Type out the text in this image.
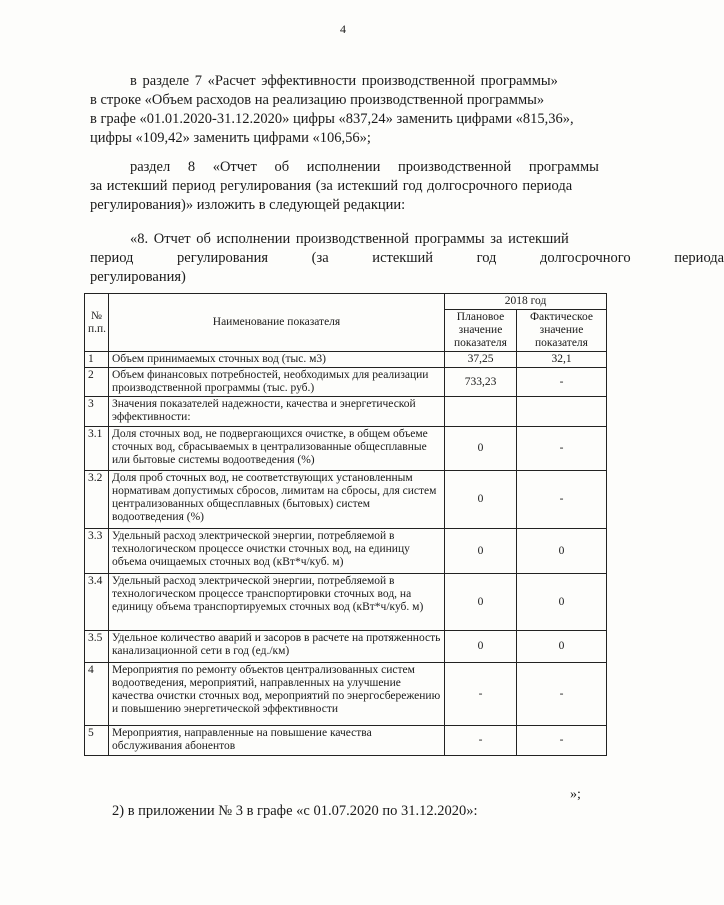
4
в разделе 7 «Расчет эффективности производственной программы»
в строке «Объем расходов на реализацию производственной программы»
в графе «01.01.2020-31.12.2020» цифры «837,24» заменить цифрами «815,36»,
цифры «109,42» заменить цифрами «106,56»;
раздел 8 «Отчет об исполнении производственной программы
за истекший период регулирования (за истекший год долгосрочного периода
регулирования)» изложить в следующей редакции:
«8. Отчет об исполнении производственной программы за истекший
период регулирования (за истекший год долгосрочного периода
регулирования)
№ п.п.	Наименование показателя	2018 год	
		Плановое значение показателя	Фактическое значение показателя
1	Объем принимаемых сточных вод (тыс. м3)	37,25	32,1
2	Объем финансовых потребностей, необходимых для реализации производственной программы (тыс. руб.)	733,23	-
3	Значения показателей надежности, качества и энергетической эффективности:		
3.1	Доля сточных вод, не подвергающихся очистке, в общем объеме сточных вод, сбрасываемых в централизованные общесплавные или бытовые системы водоотведения (%)	0	-
3.2	Доля проб сточных вод, не соответствующих установленным нормативам допустимых сбросов, лимитам на сбросы, для систем централизованных общесплавных (бытовых) систем водоотведения (%)	0	-
3.3	Удельный расход электрической энергии, потребляемой в технологическом процессе очистки сточных вод, на единицу объема очищаемых сточных вод (кВт*ч/куб. м)	0	0
3.4	Удельный расход электрической энергии, потребляемой в технологическом процессе транспортировки сточных вод, на единицу объема транспортируемых сточных вод (кВт*ч/куб. м)	0	0
3.5	Удельное количество аварий и засоров в расчете на протяженность канализационной сети в год (ед./км)	0	0
4	Мероприятия по ремонту объектов централизованных систем водоотведения, мероприятий, направленных на улучшение качества очистки сточных вод, мероприятий по энергосбережению и повышению энергетической эффективности	-	-
5	Мероприятия, направленные на повышение качества обслуживания абонентов	-	-
»;
2) в приложении № 3 в графе «с 01.07.2020 по 31.12.2020»:
